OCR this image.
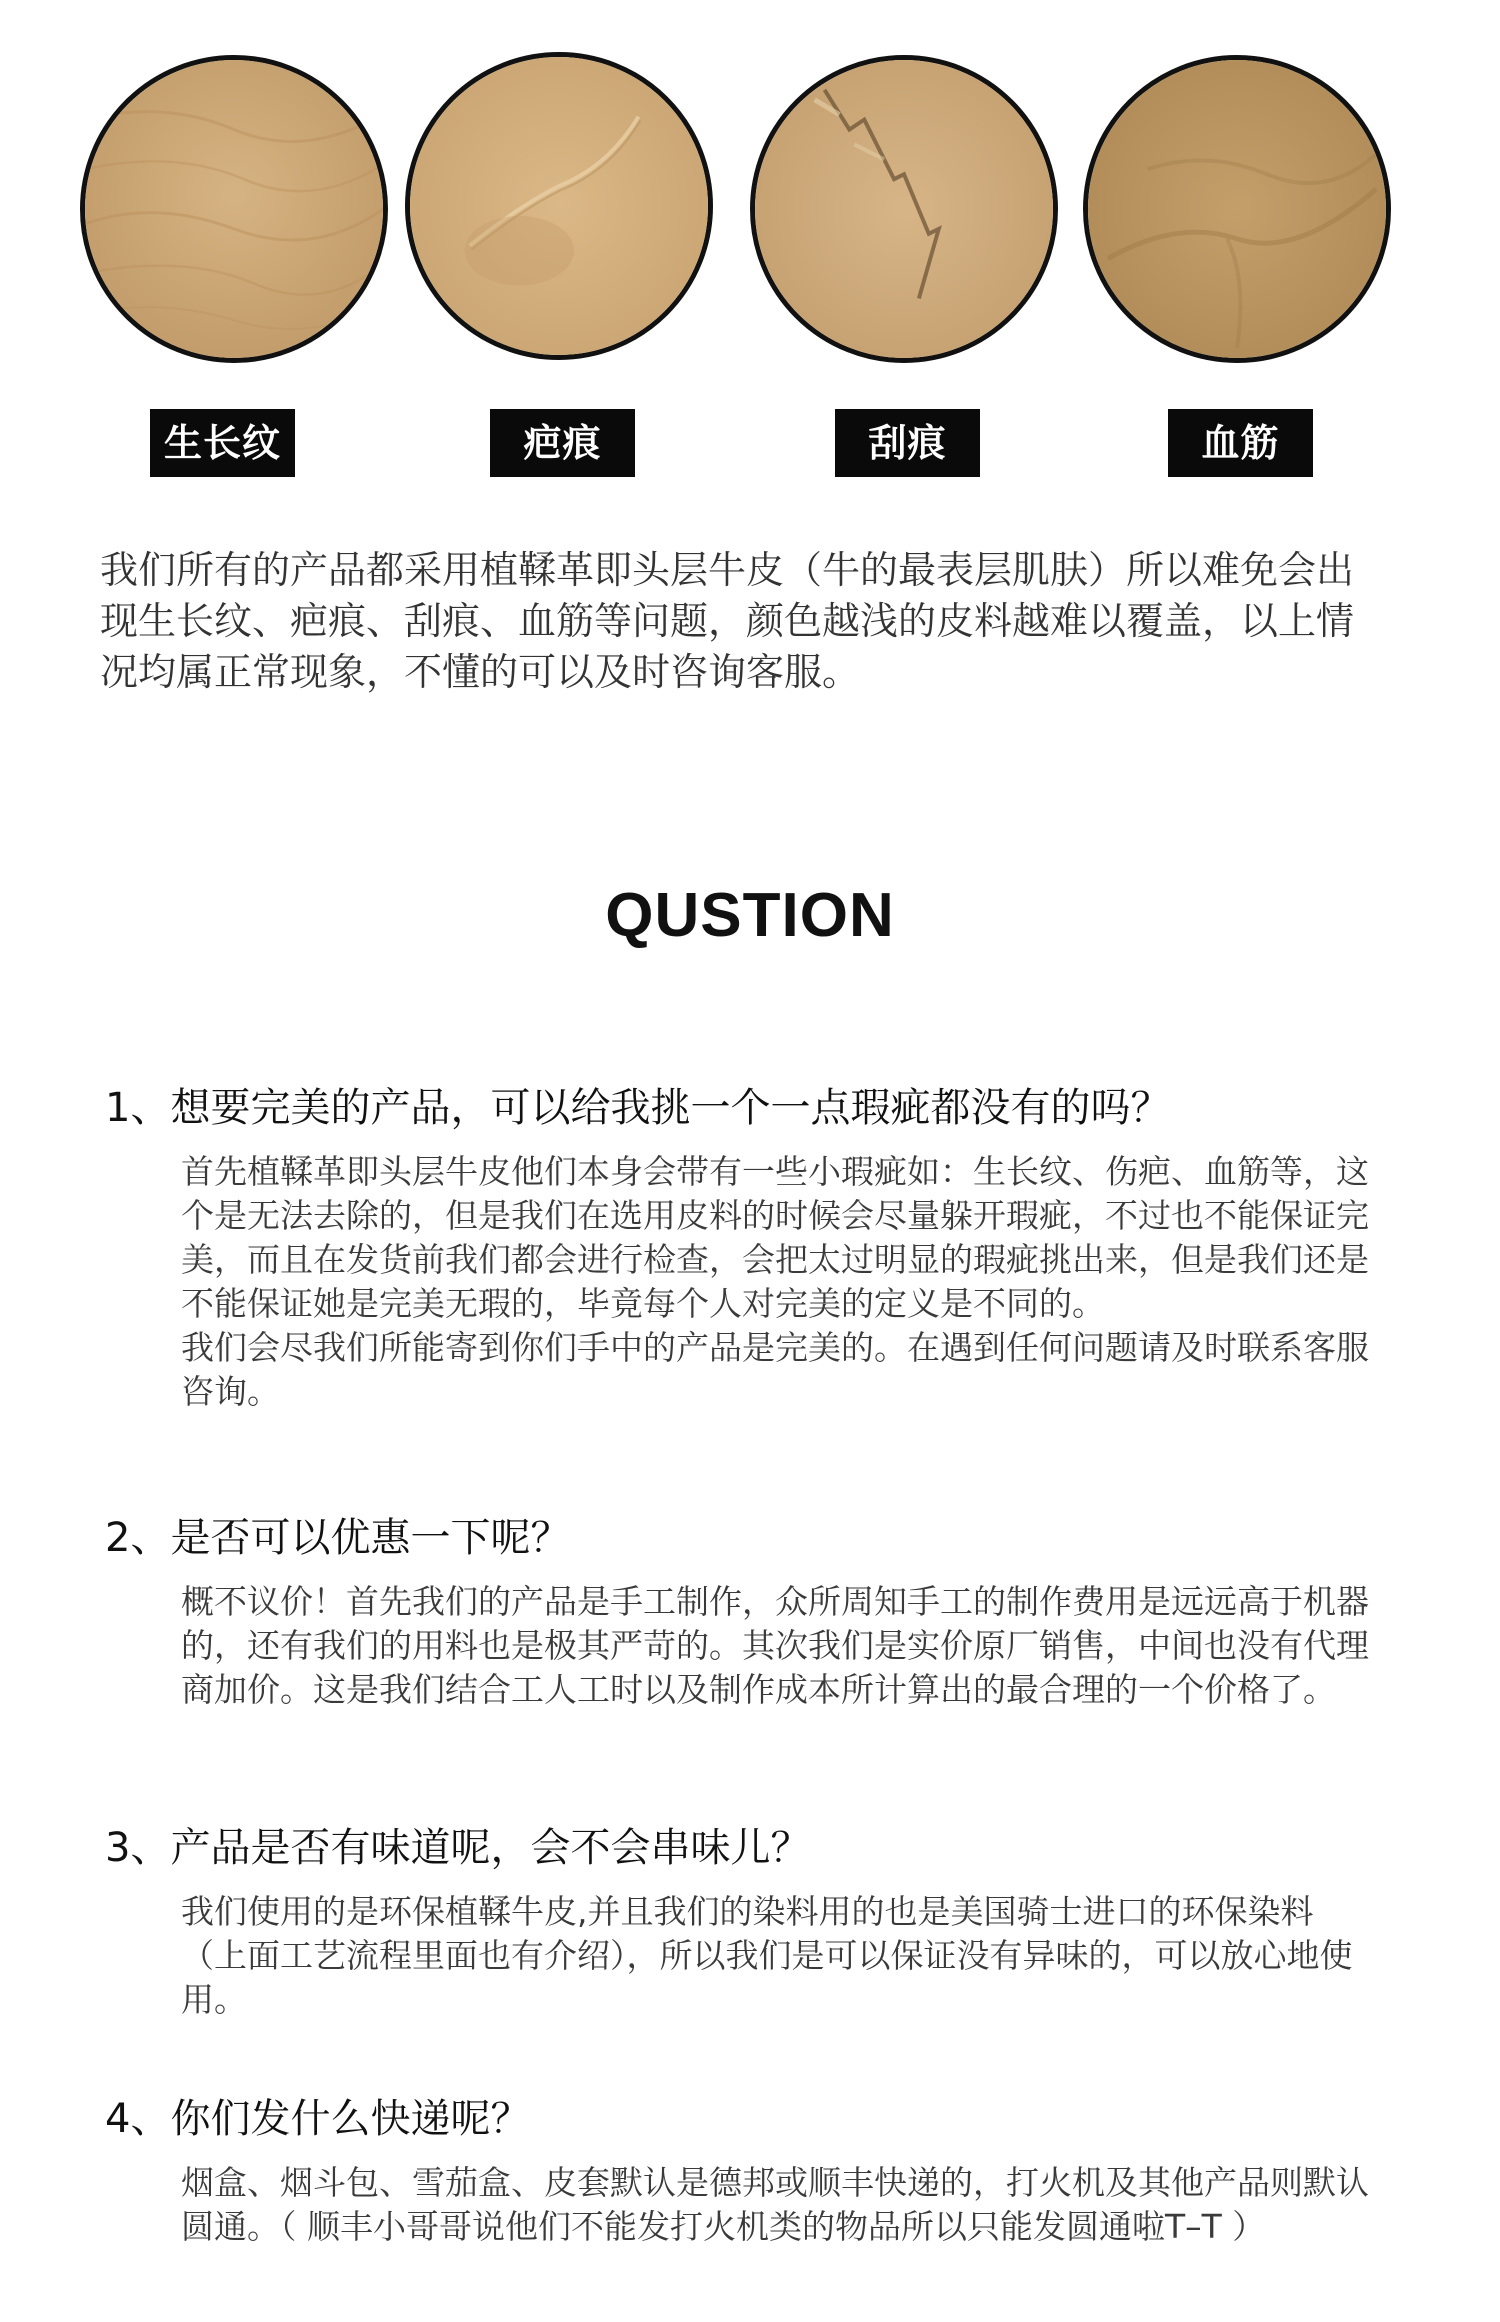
生长纹	疤痕	刮痕	血筋

我们所有的产品都采用植鞣革即头层牛皮（牛的最表层肌肤）所以难免会出现生长纹、疤痕、刮痕、血筋等问题，颜色越浅的皮料越难以覆盖，以上情况均属正常现象，不懂的可以及时咨询客服。

QUSTION

1、想要完美的产品，可以给我挑一个一点瑕疵都没有的吗？

首先植鞣革即头层牛皮他们本身会带有一些小瑕疵如：生长纹、伤疤、血筋等，这个是无法去除的，但是我们在选用皮料的时候会尽量躲开瑕疵，不过也不能保证完美，而且在发货前我们都会进行检查，会把太过明显的瑕疵挑出来，但是我们还是不能保证她是完美无瑕的，毕竟每个人对完美的定义是不同的。

我们会尽我们所能寄到你们手中的产品是完美的。在遇到任何问题请及时联系客服咨询。

2、是否可以优惠一下呢？

概不议价！首先我们的产品是手工制作，众所周知手工的制作费用是远远高于机器的，还有我们的用料也是极其严苛的。其次我们是实价原厂销售，中间也没有代理商加价。这是我们结合工人工时以及制作成本所计算出的最合理的一个价格了。

3、产品是否有味道呢，会不会串味儿？

我们使用的是环保植鞣牛皮,并且我们的染料用的也是美国骑士进口的环保染料（上面工艺流程里面也有介绍），所以我们是可以保证没有异味的，可以放心地使用。

4、你们发什么快递呢？

烟盒、烟斗包、雪茄盒、皮套默认是德邦或顺丰快递的，打火机及其他产品则默认圆通。（ 顺丰小哥哥说他们不能发打火机类的物品所以只能发圆通啦T–T ）
